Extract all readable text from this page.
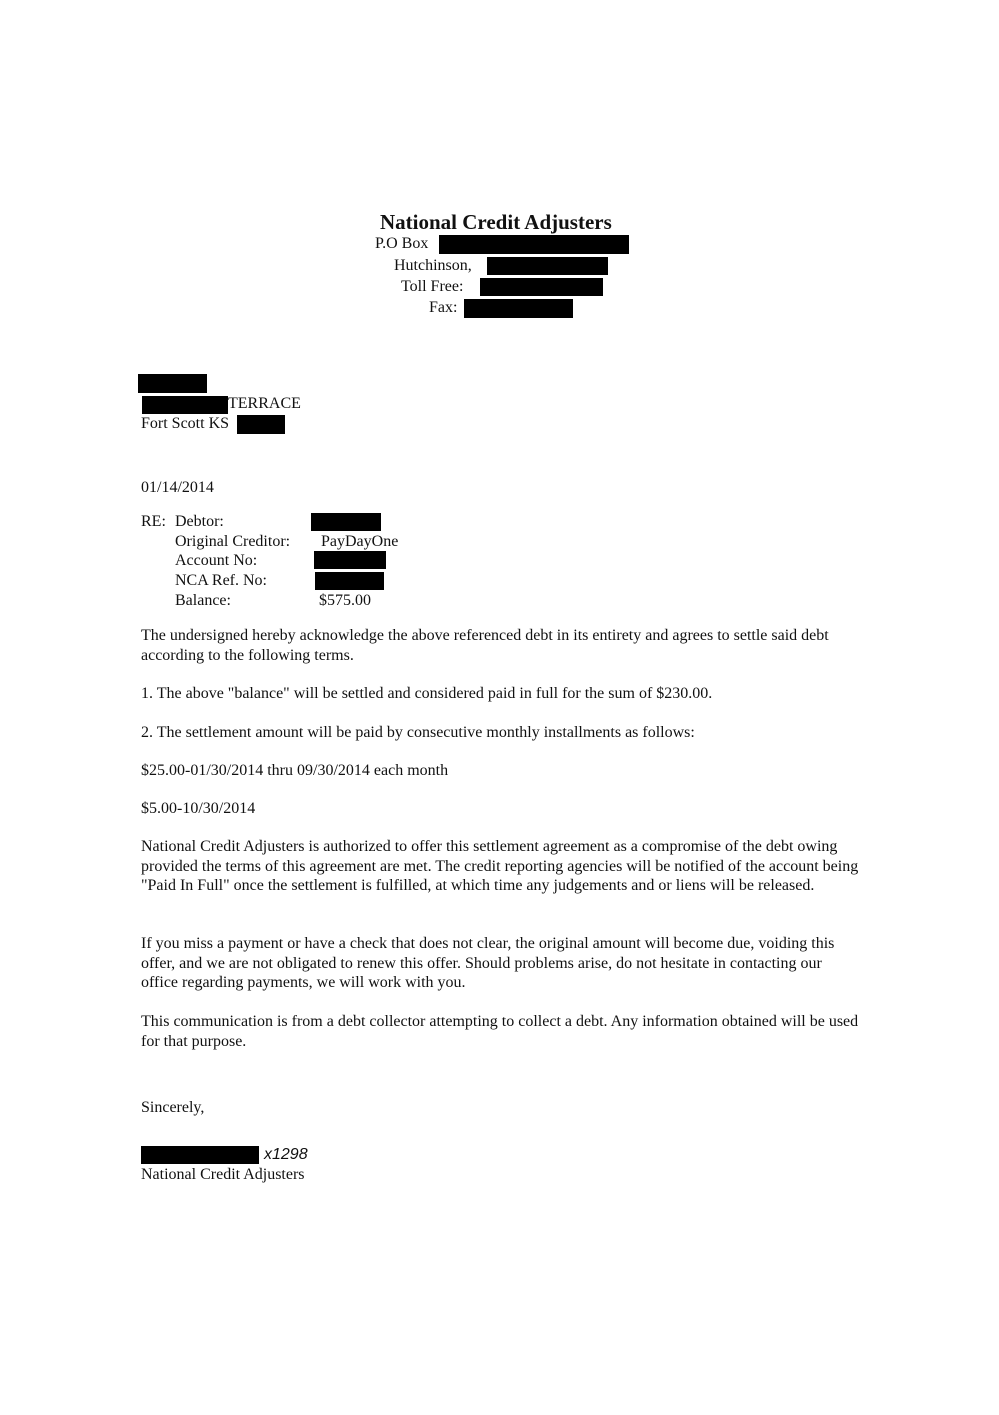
National Credit Adjusters
P.O Box
Hutchinson,
Toll Free:
Fax:
TERRACE
Fort Scott KS
01/14/2014
RE: Debtor:
Original Creditor: PayDayOne
Account No:
NCA Ref. No:
Balance:	$575.00
The undersigned hereby acknowledge the above referenced debt in its entirety and agrees to settle said debt according to the following terms.
1. The above "balance" will be settled and considered paid in full for the sum of $230.00.
2. The settlement amount will be paid by consecutive monthly installments as follows:
$25.00-01/30/2014 thru 09/30/2014 each month
$5.00-10/30/2014
National Credit Adjusters is authorized to offer this settlement agreement as a compromise of the debt owing provided the terms of this agreement are met. The credit reporting agencies will be notified of the account being "Paid In Full" once the settlement is fulfilled, at which time any judgements and or liens will be released.
If you miss a payment or have a check that does not clear, the original amount will become due, voiding this offer, and we are not obligated to renew this offer. Should problems arise, do not hesitate in contacting our office regarding payments, we will work with you.
This communication is from a debt collector attempting to collect a debt. Any information obtained will be used for that purpose.
Sincerely,
x1298
National Credit Adjusters
